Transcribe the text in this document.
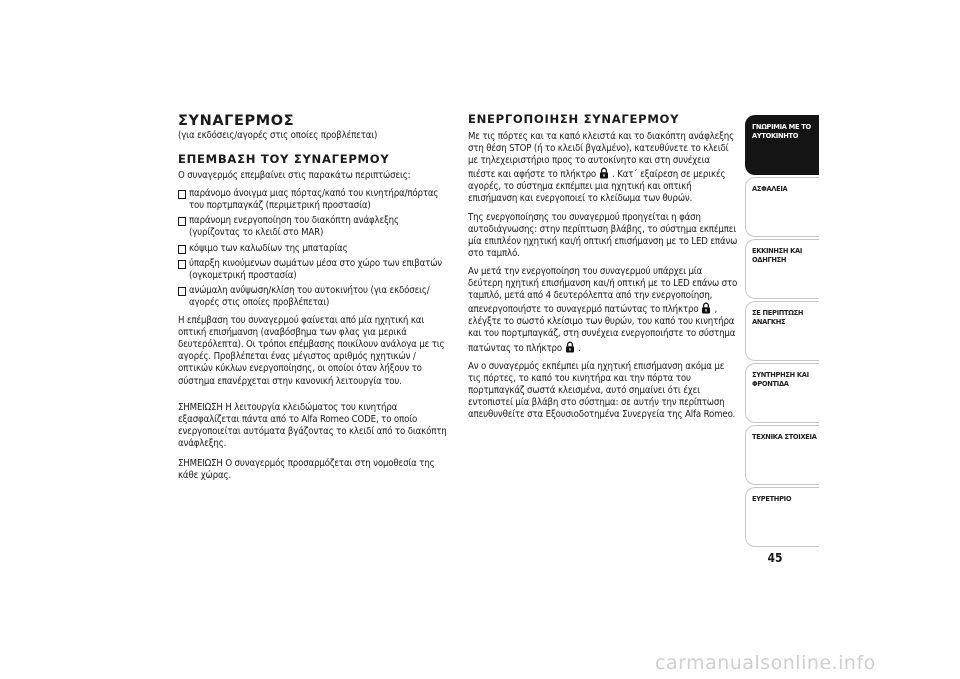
ΣΥΝΑΓΕΡΜΟΣ

(για εκδόσεις/αγορές στις οποίες προβλέπεται)

ΕΠΕΜΒΑΣΗ ΤΟΥ ΣΥΝΑΓΕΡΜΟΥ

Ο συναγερμός επεμβαίνει στις παρακάτω περιπτώσεις:

παράνομο άνοιγμα μιας πόρτας/καπό του κινητήρα/πόρτας του πορτμπαγκάζ (περιμετρική προστασία)
παράνομη ενεργοποίηση του διακόπτη ανάφλεξης (γυρίζοντας το κλειδί στο MAR)
κόψιμο των καλωδίων της μπαταρίας
ύπαρξη κινούμενων σωμάτων μέσα στο χώρο των επιβατών (ογκομετρική προστασία)
ανώμαλη ανύψωση/κλίση του αυτοκινήτου (για εκδόσεις/αγορές στις οποίες προβλέπεται)

Η επέμβαση του συναγερμού φαίνεται από μία ηχητική και οπτική επισήμανση (αναβόσβημα των φλας για μερικά δευτερόλεπτα). Οι τρόποι επέμβασης ποικίλουν ανάλογα με τις αγορές. Προβλέπεται ένας μέγιστος αριθμός ηχητικών / οπτικών κύκλων ενεργοποίησης, οι οποίοι όταν λήξουν το σύστημα επανέρχεται στην κανονική λειτουργία του.

ΣΗΜΕΙΩΣΗ Η λειτουργία κλειδώματος του κινητήρα εξασφαλίζεται πάντα από το Alfa Romeo CODE, το οποίο ενεργοποιείται αυτόματα βγάζοντας το κλειδί από το διακόπτη ανάφλεξης.

ΣΗΜΕΙΩΣΗ Ο συναγερμός προσαρμόζεται στη νομοθεσία της κάθε χώρας.

ΕΝΕΡΓΟΠΟΙΗΣΗ ΣΥΝΑΓΕΡΜΟΥ

Με τις πόρτες και τα καπό κλειστά και το διακόπτη ανάφλεξης στη θέση STOP (ή το κλειδί βγαλμένο), κατευθύνετε το κλειδί με τηλεχειριστήριο προς το αυτοκίνητο και στη συνέχεια πιέστε και αφήστε το πλήκτρο . Κατ΄ εξαίρεση σε μερικές αγορές, το σύστημα εκπέμπει μια ηχητική και οπτική επισήμανση και ενεργοποιεί το κλείδωμα των θυρών.

Της ενεργοποίησης του συναγερμού προηγείται η φάση αυτοδιάγνωσης: στην περίπτωση βλάβης, το σύστημα εκπέμπει μία επιπλέον ηχητική και/ή οπτική επισήμανση με το LED επάνω στο ταμπλό.

Αν μετά την ενεργοποίηση του συναγερμού υπάρχει μία δεύτερη ηχητική επισήμανση και/ή οπτική με το LED επάνω στο ταμπλό, μετά από 4 δευτερόλεπτα από την ενεργοποίηση, απενεργοποιήστε το συναγερμό πατώντας το πλήκτρο , ελέγξτε το σωστό κλείσιμο των θυρών, του καπό του κινητήρα και του πορτμπαγκάζ, στη συνέχεια ενεργοποιήστε το σύστημα πατώντας το πλήκτρο .

Αν ο συναγερμός εκπέμπει μία ηχητική επισήμανση ακόμα με τις πόρτες, το καπό του κινητήρα και την πόρτα του πορτμπαγκάζ σωστά κλεισμένα, αυτό σημαίνει ότι έχει εντοπιστεί μία βλάβη στο σύστημα: σε αυτήν την περίπτωση απευθυνθείτε στα Εξουσιοδοτημένα Συνεργεία της Alfa Romeo.

ΓΝΩΡΙΜΙΑ ΜΕ ΤΟ ΑΥΤΟΚΙΝΗΤΟ
ΑΣΦΑΛΕΙΑ
ΕΚΚΙΝΗΣΗ ΚΑΙ ΟΔΗΓΗΣΗ
ΣΕ ΠΕΡΙΠΤΩΣΗ ΑΝΑΓΚΗΣ
ΣΥΝΤΗΡΗΣΗ ΚΑΙ ΦΡΟΝΤΙΔΑ
ΤΕΧΝΙΚΑ ΣΤΟΙΧΕΙΑ
ΕΥΡΕΤΗΡΙΟ
45
carmanualsonline.info
